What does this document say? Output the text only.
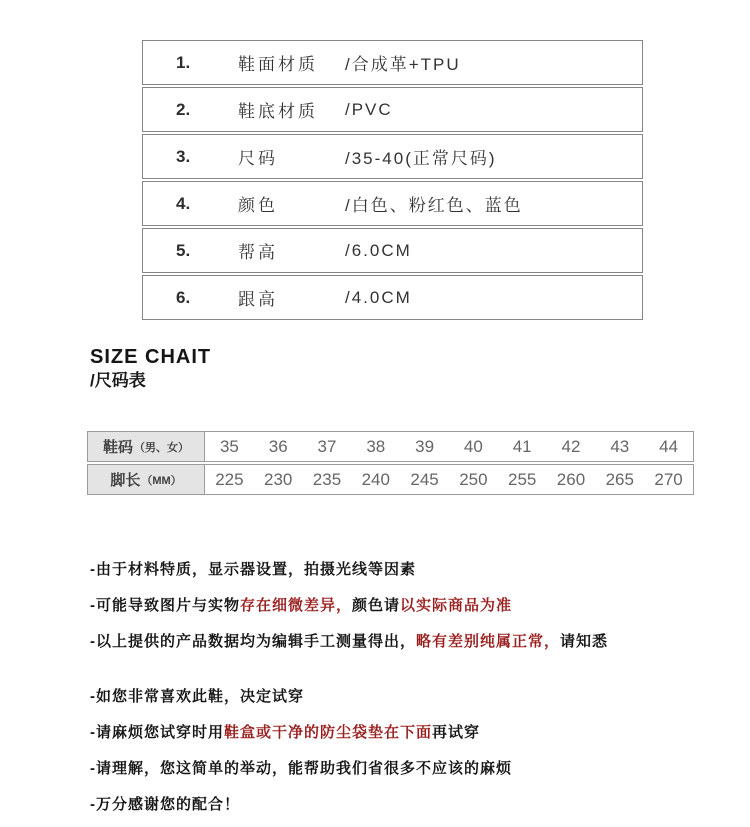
1.	鞋面材质	/合成革+TPU
2.	鞋底材质	/PVC
3.	尺码	/35-40(正常尺码)
4.	颜色	/白色、粉红色、蓝色
5.	帮高	/6.0CM
6.	跟高	/4.0CM
SIZE CHAIT
/尺码表
鞋码 （男、女）	35	36	37	38	39	40	41	42	43	44
脚长 （MM）	225	230	235	240	245	250	255	260	265	270

-由于材料特质，显示器设置，拍摄光线等因素

-可能导致图片与实物存在细微差异，颜色请以实际商品为准

-以上提供的产品数据均为编辑手工测量得出，略有差别纯属正常，请知悉

-如您非常喜欢此鞋，决定试穿

-请麻烦您试穿时用鞋盒或干净的防尘袋垫在下面再试穿

-请理解，您这简单的举动，能帮助我们省很多不应该的麻烦

-万分感谢您的配合！
